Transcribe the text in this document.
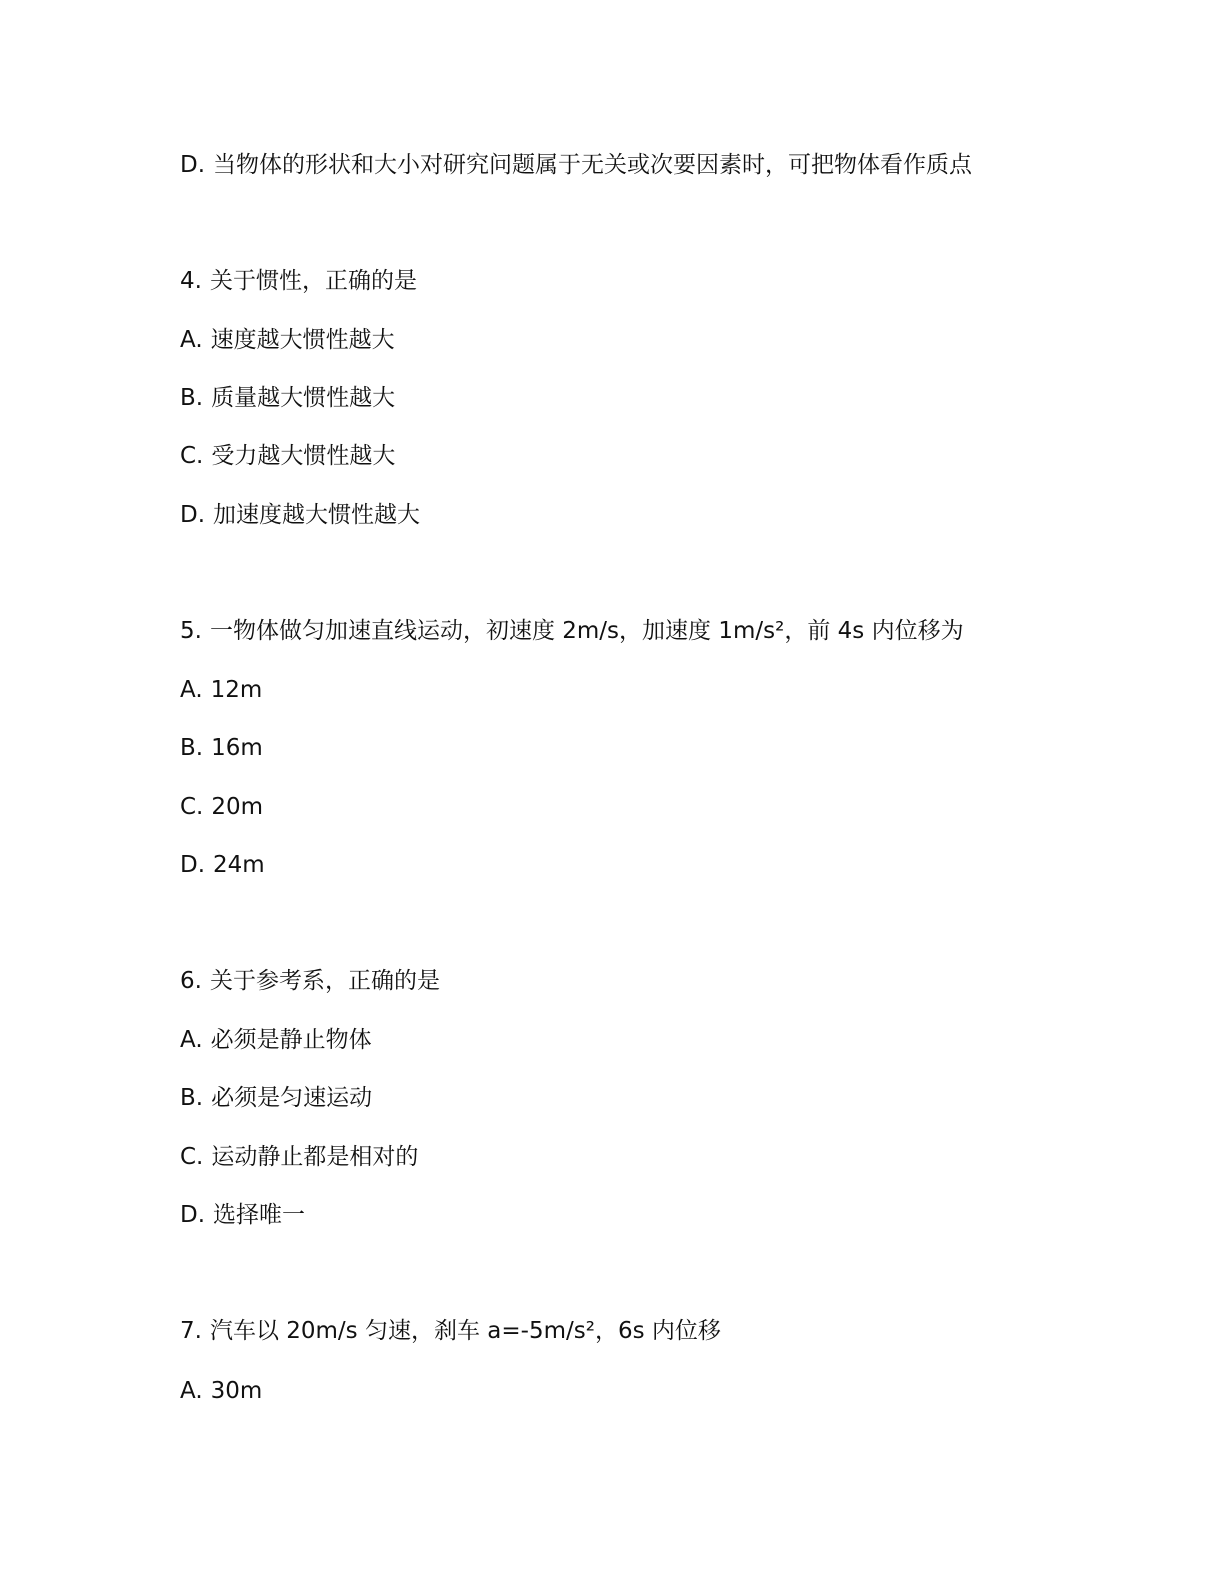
D. 当物体的形状和大小对研究问题属于无关或次要因素时，可把物体看作质点
4. 关于惯性，正确的是
A. 速度越大惯性越大
B. 质量越大惯性越大
C. 受力越大惯性越大
D. 加速度越大惯性越大
5. 一物体做匀加速直线运动，初速度 2m/s，加速度 1m/s²，前 4s 内位移为
A. 12m
B. 16m
C. 20m
D. 24m
6. 关于参考系，正确的是
A. 必须是静止物体
B. 必须是匀速运动
C. 运动静止都是相对的
D. 选择唯一
7. 汽车以 20m/s 匀速，刹车 a=-5m/s²，6s 内位移
A. 30m
